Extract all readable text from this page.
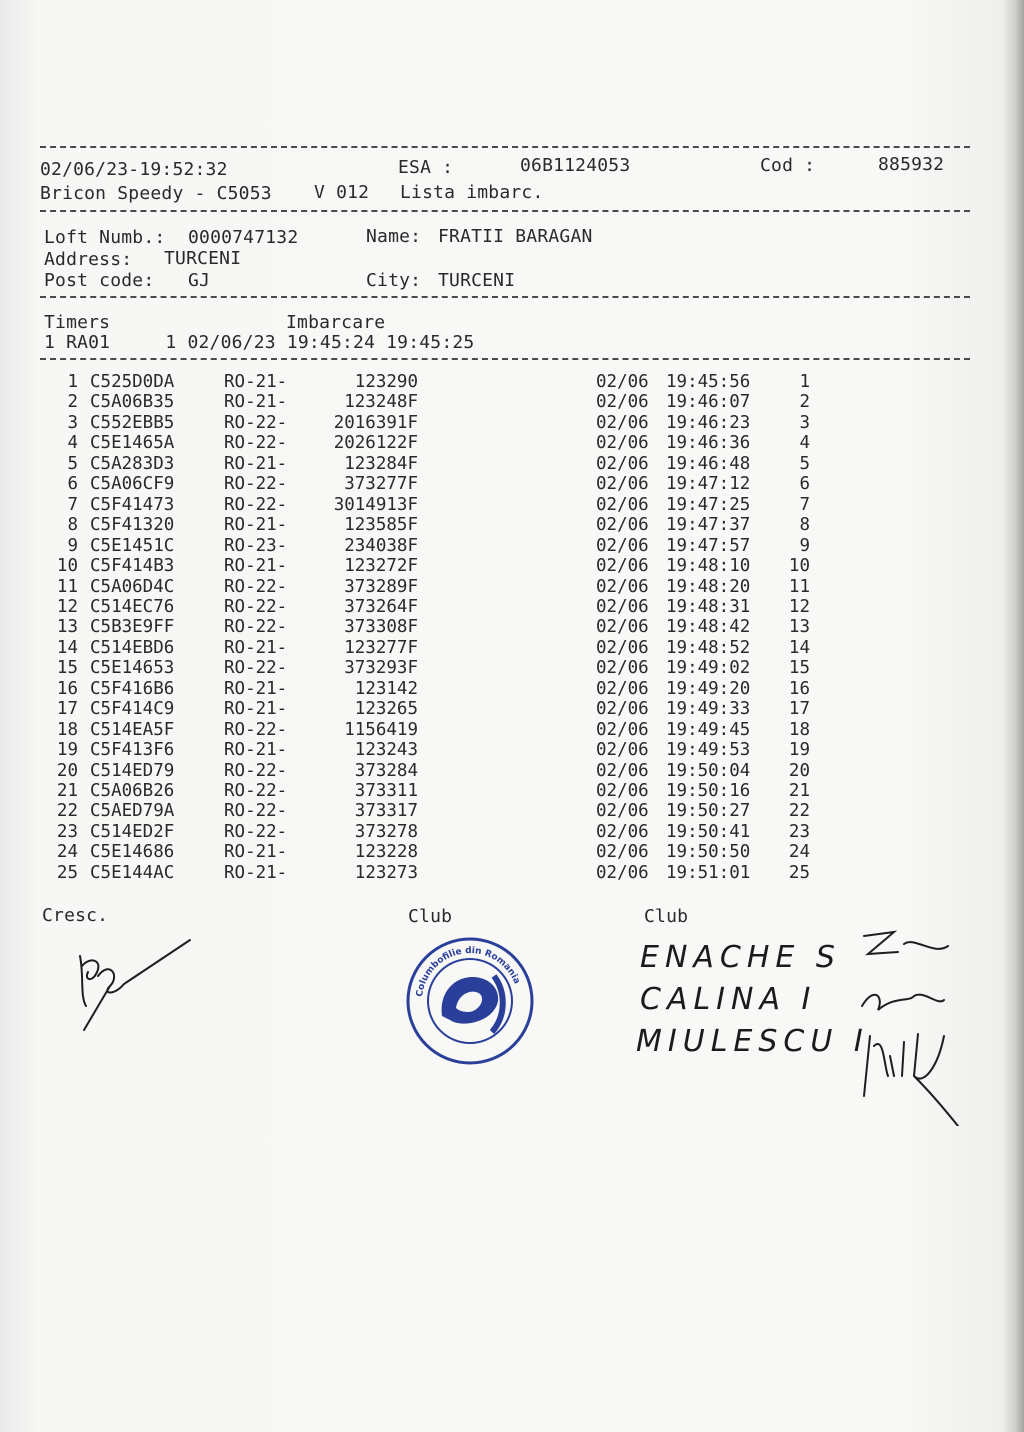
02/06/23-19:52:32	ESA :	06B1124053	Cod :	885932
Bricon Speedy - C5053 V 012 Lista imbarc.
Loft Numb.: 0000747132	Name: FRATII BARAGAN
Address: TURCENI
Post code: GJ	City: TURCENI
Timers	Imbarcare
1 RA01     1 02/06/23 19:45:24 19:45:25
1 C525D0DA	RO-21-	123290	02/06 19:45:56	1
2 C5A06B35	RO-21-	123248F	02/06 19:46:07	2
3 C552EBB5	RO-22-	2016391F	02/06 19:46:23	3
4 C5E1465A	RO-22-	2026122F	02/06 19:46:36	4
5 C5A283D3	RO-21-	123284F	02/06 19:46:48	5
6 C5A06CF9	RO-22-	373277F	02/06 19:47:12	6
7 C5F41473	RO-22-	3014913F	02/06 19:47:25	7
8 C5F41320	RO-21-	123585F	02/06 19:47:37	8
9 C5E1451C	RO-23-	234038F	02/06 19:47:57	9
10 C5F414B3	RO-21-	123272F	02/06 19:48:10	10
11 C5A06D4C	RO-22-	373289F	02/06 19:48:20	11
12 C514EC76	RO-22-	373264F	02/06 19:48:31	12
13 C5B3E9FF	RO-22-	373308F	02/06 19:48:42	13
14 C514EBD6	RO-21-	123277F	02/06 19:48:52	14
15 C5E14653	RO-22-	373293F	02/06 19:49:02	15
16 C5F416B6	RO-21-	123142	02/06 19:49:20	16
17 C5F414C9	RO-21-	123265	02/06 19:49:33	17
18 C514EA5F	RO-22-	1156419	02/06 19:49:45	18
19 C5F413F6	RO-21-	123243	02/06 19:49:53	19
20 C514ED79	RO-22-	373284	02/06 19:50:04	20
21 C5A06B26	RO-22-	373311	02/06 19:50:16	21
22 C5AED79A	RO-22-	373317	02/06 19:50:27	22
23 C514ED2F	RO-22-	373278	02/06 19:50:41	23
24 C5E14686	RO-21-	123228	02/06 19:50:50	24
25 C5E144AC	RO-21-	123273	02/06 19:51:01	25
Cresc.	Club	Club
Columbofilie din Romania
ENACHE S
CALINA I
MIULESCU I
